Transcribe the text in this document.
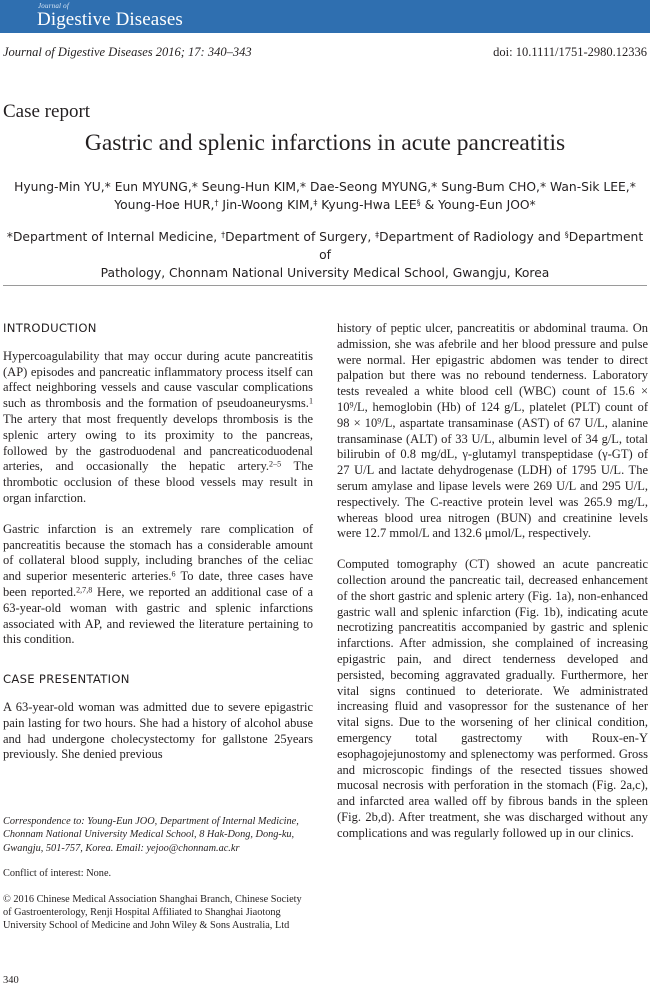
Journal of
Digestive Diseases
Journal of Digestive Diseases 2016; 17: 340–343	doi: 10.1111/1751-2980.12336
Case report
Gastric and splenic infarctions in acute pancreatitis
Hyung-Min YU,* Eun MYUNG,* Seung-Hun KIM,* Dae-Seong MYUNG,* Sung-Bum CHO,* Wan-Sik LEE,*
Young-Hoe HUR,† Jin-Woong KIM,‡ Kyung-Hwa LEE§ & Young-Eun JOO*
*Department of Internal Medicine, †Department of Surgery, ‡Department of Radiology and §Department of
Pathology, Chonnam National University Medical School, Gwangju, Korea
INTRODUCTION

Hypercoagulability that may occur during acute pancreatitis (AP) episodes and pancreatic inflammatory process itself can affect neighboring vessels and cause vascular complications such as thrombosis and the formation of pseudoaneurysms.$^1$ The artery that most frequently develops thrombosis is the splenic artery owing to its proximity to the pancreas, followed by the gastroduodenal and pancreaticoduodenal arteries, and occasionally the hepatic artery.$^{2-5}$ The thrombotic occlusion of these blood vessels may result in organ infarction.

Gastric infarction is an extremely rare complication of pancreatitis because the stomach has a considerable amount of collateral blood supply, including branches of the celiac and superior mesenteric arteries.$^6$ To date, three cases have been reported.$^{2,7,8}$ Here, we reported an additional case of a 63-year-old woman with gastric and splenic infarctions associated with AP, and reviewed the literature pertaining to this condition.

CASE PRESENTATION

A 63-year-old woman was admitted due to severe epigastric pain lasting for two hours. She had a history of alcohol abuse and had undergone cholecystectomy for gallstone 25years previously. She denied previous

Correspondence to: Young-Eun JOO, Department of Internal Medicine, Chonnam National University Medical School, 8 Hak-Dong, Dong-ku, Gwangju, 501-757, Korea. Email: yejoo@chonnam.ac.kr

Conflict of interest: None.

© 2016 Chinese Medical Association Shanghai Branch, Chinese Society of Gastroenterology, Renji Hospital Affiliated to Shanghai Jiaotong University School of Medicine and John Wiley & Sons Australia, Ltd

history of peptic ulcer, pancreatitis or abdominal trauma. On admission, she was afebrile and her blood pressure and pulse were normal. Her epigastric abdomen was tender to direct palpation but there was no rebound tenderness. Laboratory tests revealed a white blood cell (WBC) count of $15.6 \times 10^9/L$, hemoglobin (Hb) of 124 g/L, platelet (PLT) count of $98 \times 10^9/L$, aspartate transaminase (AST) of 67 U/L, alanine transaminase (ALT) of 33 U/L, albumin level of 34 g/L, total bilirubin of 0.8 mg/dL, γ-glutamyl transpeptidase (γ-GT) of 27 U/L and lactate dehydrogenase (LDH) of 1795 U/L. The serum amylase and lipase levels were 269 U/L and 295 U/L, respectively. The C-reactive protein level was 265.9 mg/L, whereas blood urea nitrogen (BUN) and creatinine levels were 12.7 mmol/L and 132.6 μmol/L, respectively.

Computed tomography (CT) showed an acute pancreatic collection around the pancreatic tail, decreased enhancement of the short gastric and splenic artery (Fig. 1a), non-enhanced gastric wall and splenic infarction (Fig. 1b), indicating acute necrotizing pancreatitis accompanied by gastric and splenic infarctions. After admission, she complained of increasing epigastric pain, and direct tenderness developed and persisted, becoming aggravated gradually. Furthermore, her vital signs continued to deteriorate. We administrated increasing fluid and vasopressor for the sustenance of her vital signs. Due to the worsening of her clinical condition, emergency total gastrectomy with Roux-en-Y esophagojejunostomy and splenectomy was performed. Gross and microscopic findings of the resected tissues showed mucosal necrosis with perforation in the stomach (Fig. 2a,c), and infarcted area walled off by fibrous bands in the spleen (Fig. 2b,d). After treatment, she was discharged without any complications and was regularly followed up in our clinics.

340
